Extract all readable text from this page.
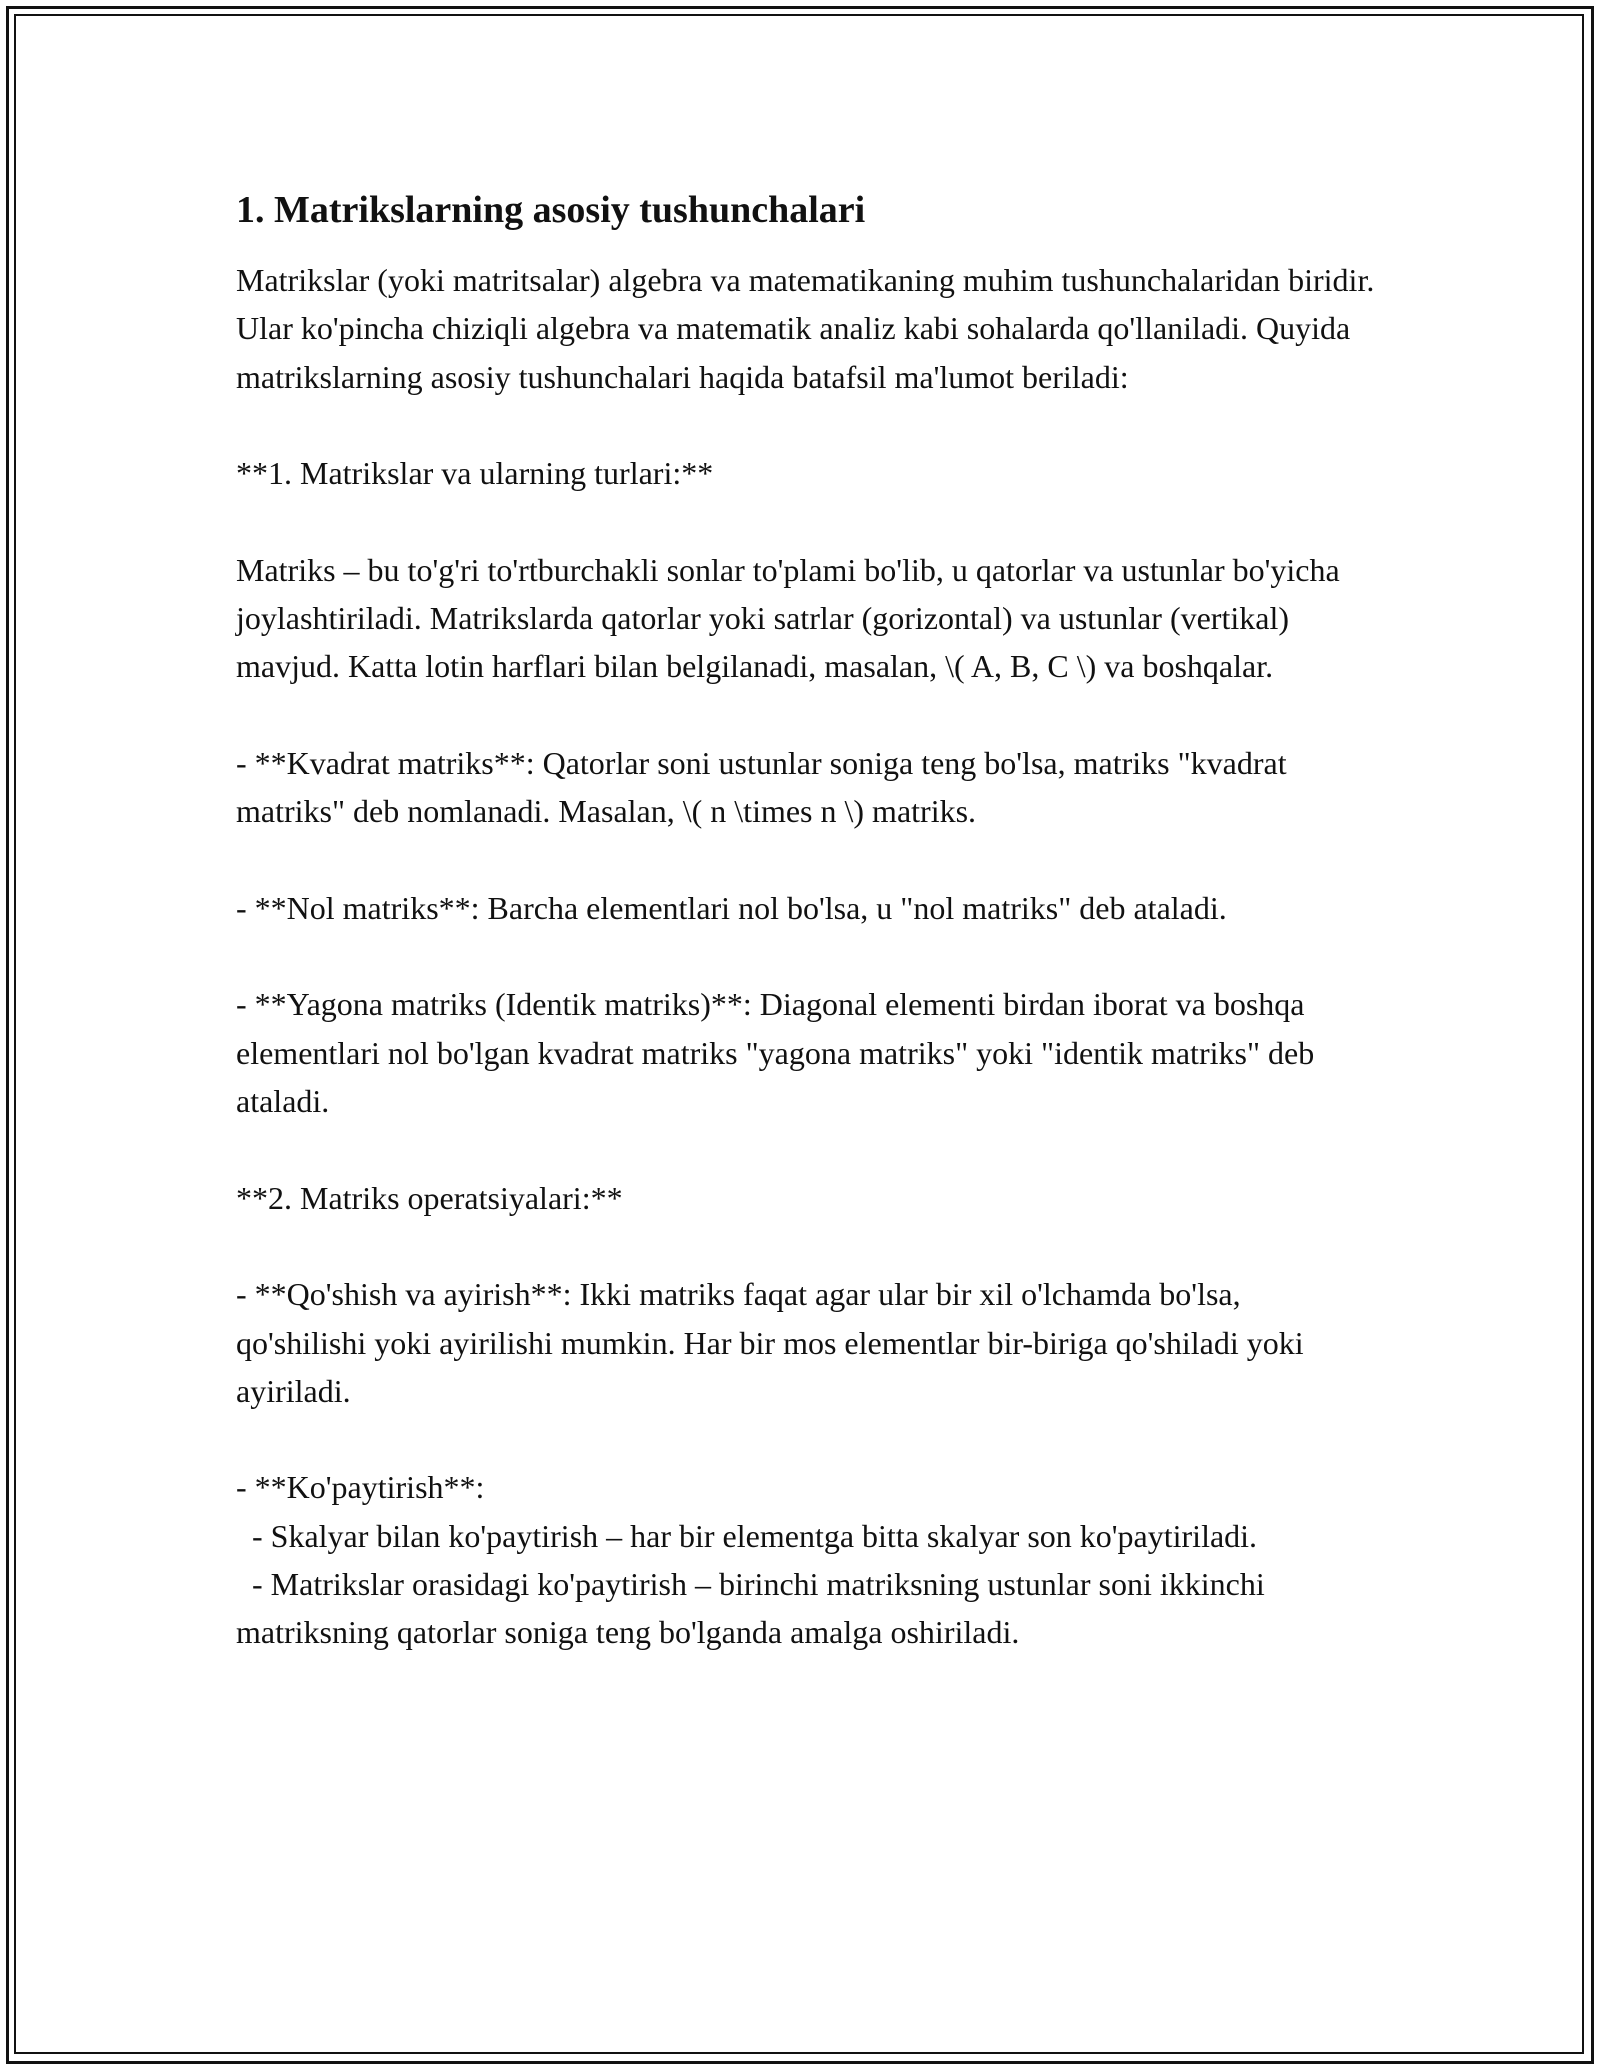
1. Matrikslarning asosiy tushunchalari

Matrikslar (yoki matritsalar) algebra va matematikaning muhim tushunchalaridan biridir. Ular ko'pincha chiziqli algebra va matematik analiz kabi sohalarda qo'llaniladi. Quyida matrikslarning asosiy tushunchalari haqida batafsil ma'lumot beriladi:

**1. Matrikslar va ularning turlari:**

Matriks – bu to'g'ri to'rtburchakli sonlar to'plami bo'lib, u qatorlar va ustunlar bo'yicha joylashtiriladi. Matrikslarda qatorlar yoki satrlar (gorizontal) va ustunlar (vertikal) mavjud. Katta lotin harflari bilan belgilanadi, masalan, \( A, B, C \) va boshqalar.

- **Kvadrat matriks**: Qatorlar soni ustunlar soniga teng bo'lsa, matriks "kvadrat matriks" deb nomlanadi. Masalan, \( n \times n \) matriks.

- **Nol matriks**: Barcha elementlari nol bo'lsa, u "nol matriks" deb ataladi.

- **Yagona matriks (Identik matriks)**: Diagonal elementi birdan iborat va boshqa elementlari nol bo'lgan kvadrat matriks "yagona matriks" yoki "identik matriks" deb ataladi.

**2. Matriks operatsiyalari:**

- **Qo'shish va ayirish**: Ikki matriks faqat agar ular bir xil o'lchamda bo'lsa, qo'shilishi yoki ayirilishi mumkin. Har bir mos elementlar bir-biriga qo'shiladi yoki ayiriladi.

- **Ko'paytirish**:
- Skalyar bilan ko'paytirish – har bir elementga bitta skalyar son ko'paytiriladi.
- Matrikslar orasidagi ko'paytirish – birinchi matriksning ustunlar soni ikkinchi matriksning qatorlar soniga teng bo'lganda amalga oshiriladi.
